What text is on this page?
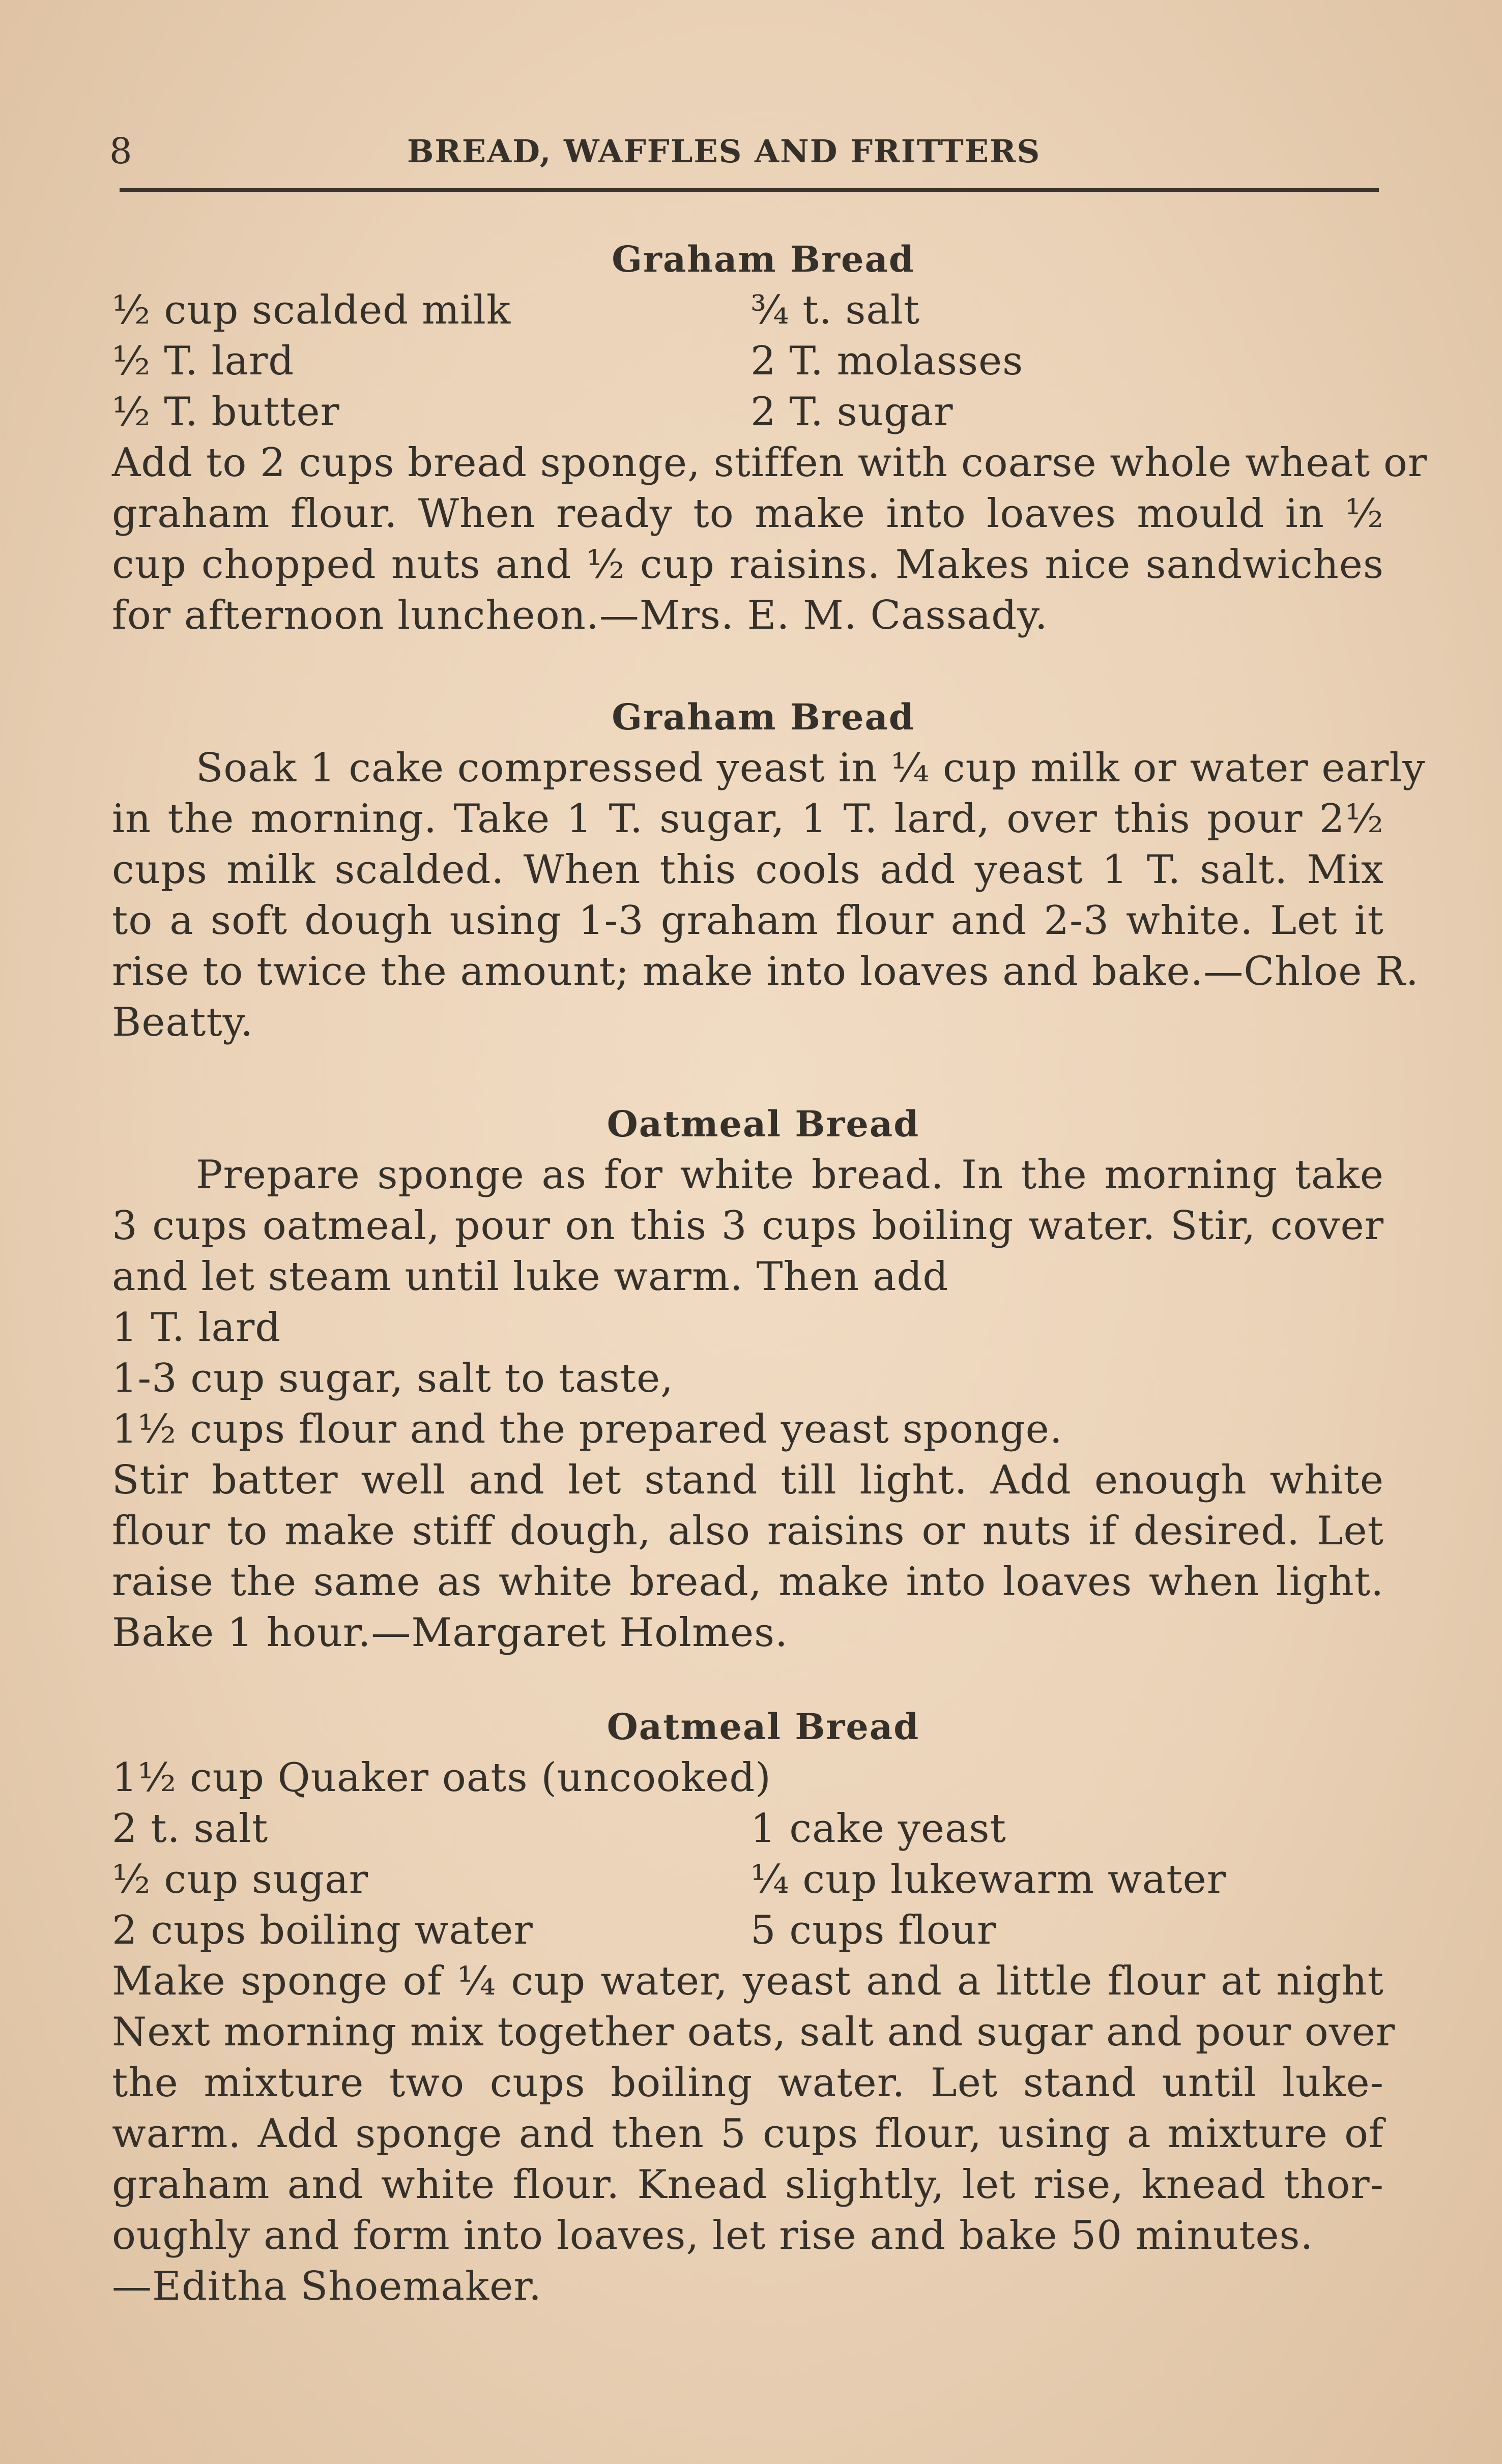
8	BREAD, WAFFLES AND FRITTERS
Graham Bread
½ cup scalded milk	¾ t. salt
½ T. lard	2 T. molasses
½ T. butter	2 T. sugar
Add to 2 cups bread sponge, stiffen with coarse whole wheat or
graham flour. When ready to make into loaves mould in ½
cup chopped nuts and ½ cup raisins. Makes nice sandwiches
for afternoon luncheon.—Mrs. E. M. Cassady.
Graham Bread
Soak 1 cake compressed yeast in ¼ cup milk or water early
in the morning. Take 1 T. sugar, 1 T. lard, over this pour 2½
cups milk scalded. When this cools add yeast 1 T. salt. Mix
to a soft dough using 1-3 graham flour and 2-3 white. Let it
rise to twice the amount; make into loaves and bake.—Chloe R.
Beatty.
Oatmeal Bread
Prepare sponge as for white bread. In the morning take
3 cups oatmeal, pour on this 3 cups boiling water. Stir, cover
and let steam until luke warm. Then add
1 T. lard
1-3 cup sugar, salt to taste,
1½ cups flour and the prepared yeast sponge.
Stir batter well and let stand till light. Add enough white
flour to make stiff dough, also raisins or nuts if desired. Let
raise the same as white bread, make into loaves when light.
Bake 1 hour.—Margaret Holmes.
Oatmeal Bread
1½ cup Quaker oats (uncooked)
2 t. salt	1 cake yeast
½ cup sugar	¼ cup lukewarm water
2 cups boiling water	5 cups flour
Make sponge of ¼ cup water, yeast and a little flour at night
Next morning mix together oats, salt and sugar and pour over
the mixture two cups boiling water. Let stand until luke-
warm. Add sponge and then 5 cups flour, using a mixture of
graham and white flour. Knead slightly, let rise, knead thor-
oughly and form into loaves, let rise and bake 50 minutes.
—Editha Shoemaker.
